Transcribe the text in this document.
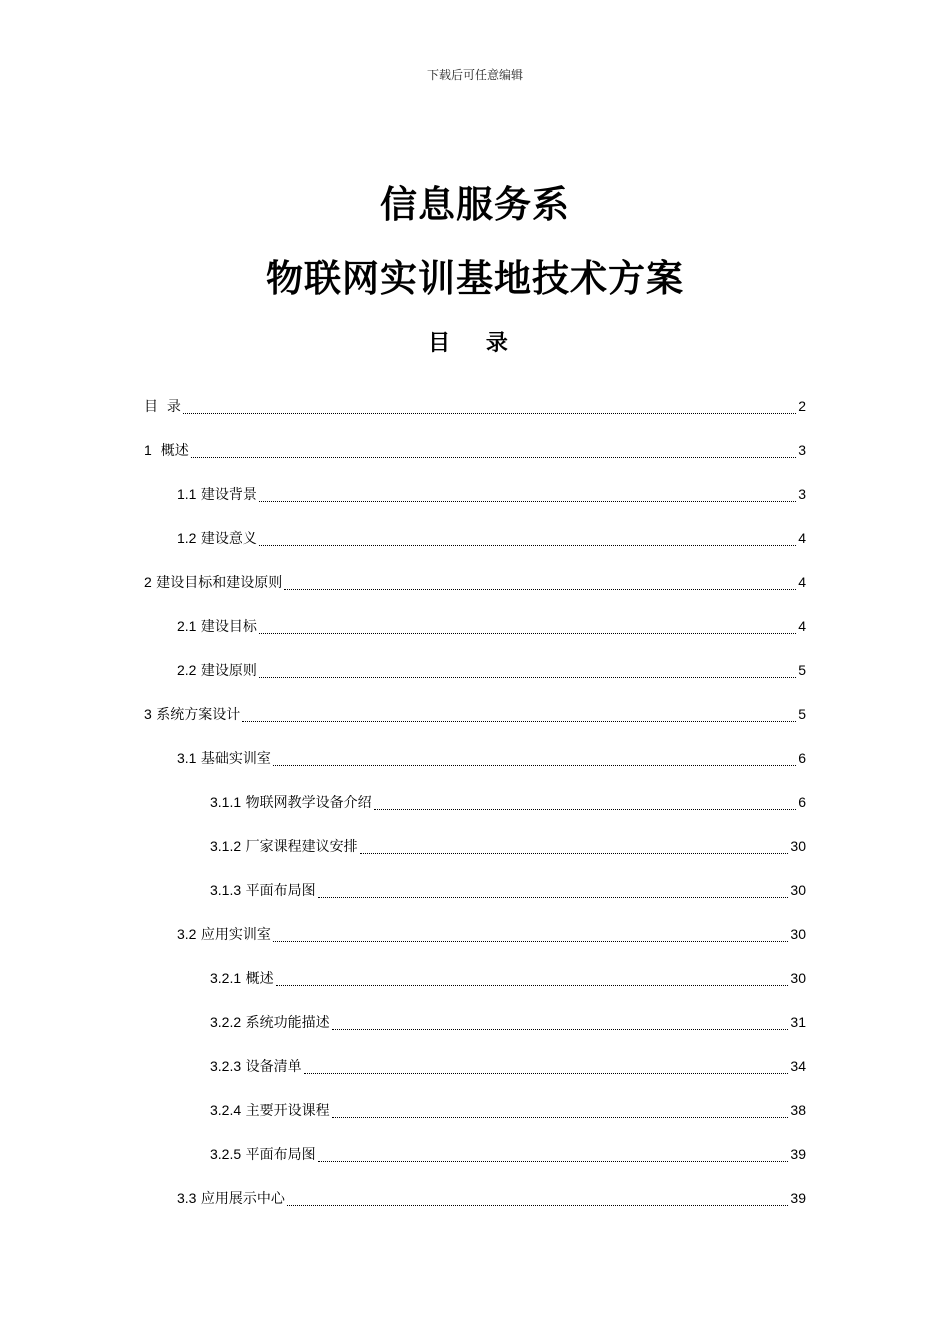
下载后可任意编辑
信息服务系
物联网实训基地技术方案
目 录
目  录	2
1  概述	3
1.1 建设背景	3
1.2 建设意义	4
2 建设目标和建设原则	4
2.1 建设目标	4
2.2 建设原则	5
3 系统方案设计	5
3.1 基础实训室	6
3.1.1 物联网教学设备介绍	6
3.1.2 厂家课程建议安排	30
3.1.3 平面布局图	30
3.2 应用实训室	30
3.2.1 概述	30
3.2.2 系统功能描述	31
3.2.3 设备清单	34
3.2.4 主要开设课程	38
3.2.5 平面布局图	39
3.3 应用展示中心	39
